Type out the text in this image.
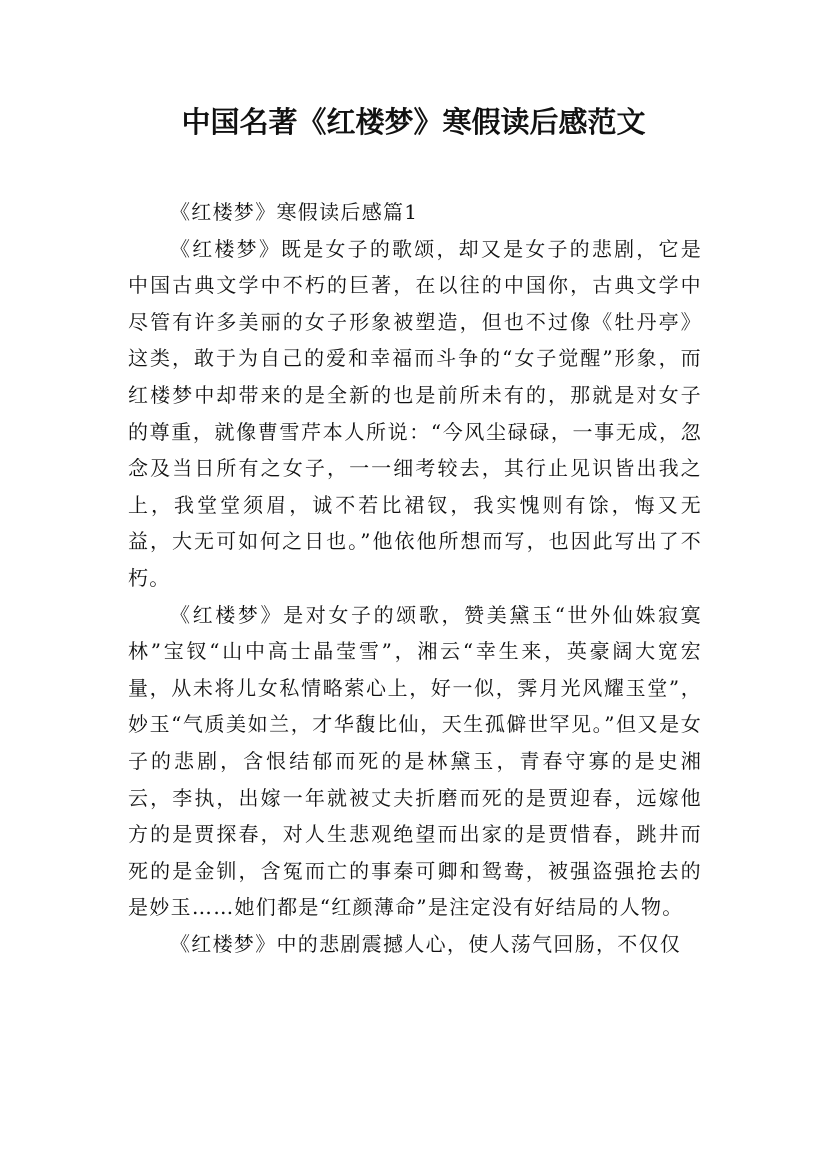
中国名著《红楼梦》寒假读后感范文

《红楼梦》寒假读后感篇1

《红楼梦》既是女子的歌颂，却又是女子的悲剧，它是中国古典文学中不朽的巨著，在以往的中国你，古典文学中尽管有许多美丽的女子形象被塑造，但也不过像《牡丹亭》这类，敢于为自己的爱和幸福而斗争的“女子觉醒”形象，而红楼梦中却带来的是全新的也是前所未有的，那就是对女子的尊重，就像曹雪芹本人所说：“今风尘碌碌，一事无成，忽念及当日所有之女子，一一细考较去，其行止见识皆出我之上，我堂堂须眉，诚不若比裙钗，我实愧则有馀，悔又无益，大无可如何之日也。”他依他所想而写，也因此写出了不朽。

《红楼梦》是对女子的颂歌，赞美黛玉“世外仙姝寂寞林”宝钗“山中高士晶莹雪”，湘云“幸生来，英豪阔大宽宏量，从未将儿女私情略萦心上，好一似，霁月光风耀玉堂”，妙玉“气质美如兰，才华馥比仙，天生孤僻世罕见。”但又是女子的悲剧，含恨结郁而死的是林黛玉，青春守寡的是史湘云，李执，出嫁一年就被丈夫折磨而死的是贾迎春，远嫁他方的是贾探春，对人生悲观绝望而出家的是贾惜春，跳井而死的是金钏，含冤而亡的事秦可卿和鸳鸯，被强盗强抢去的是妙玉……她们都是“红颜薄命”是注定没有好结局的人物。

《红楼梦》中的悲剧震撼人心，使人荡气回肠，不仅仅
